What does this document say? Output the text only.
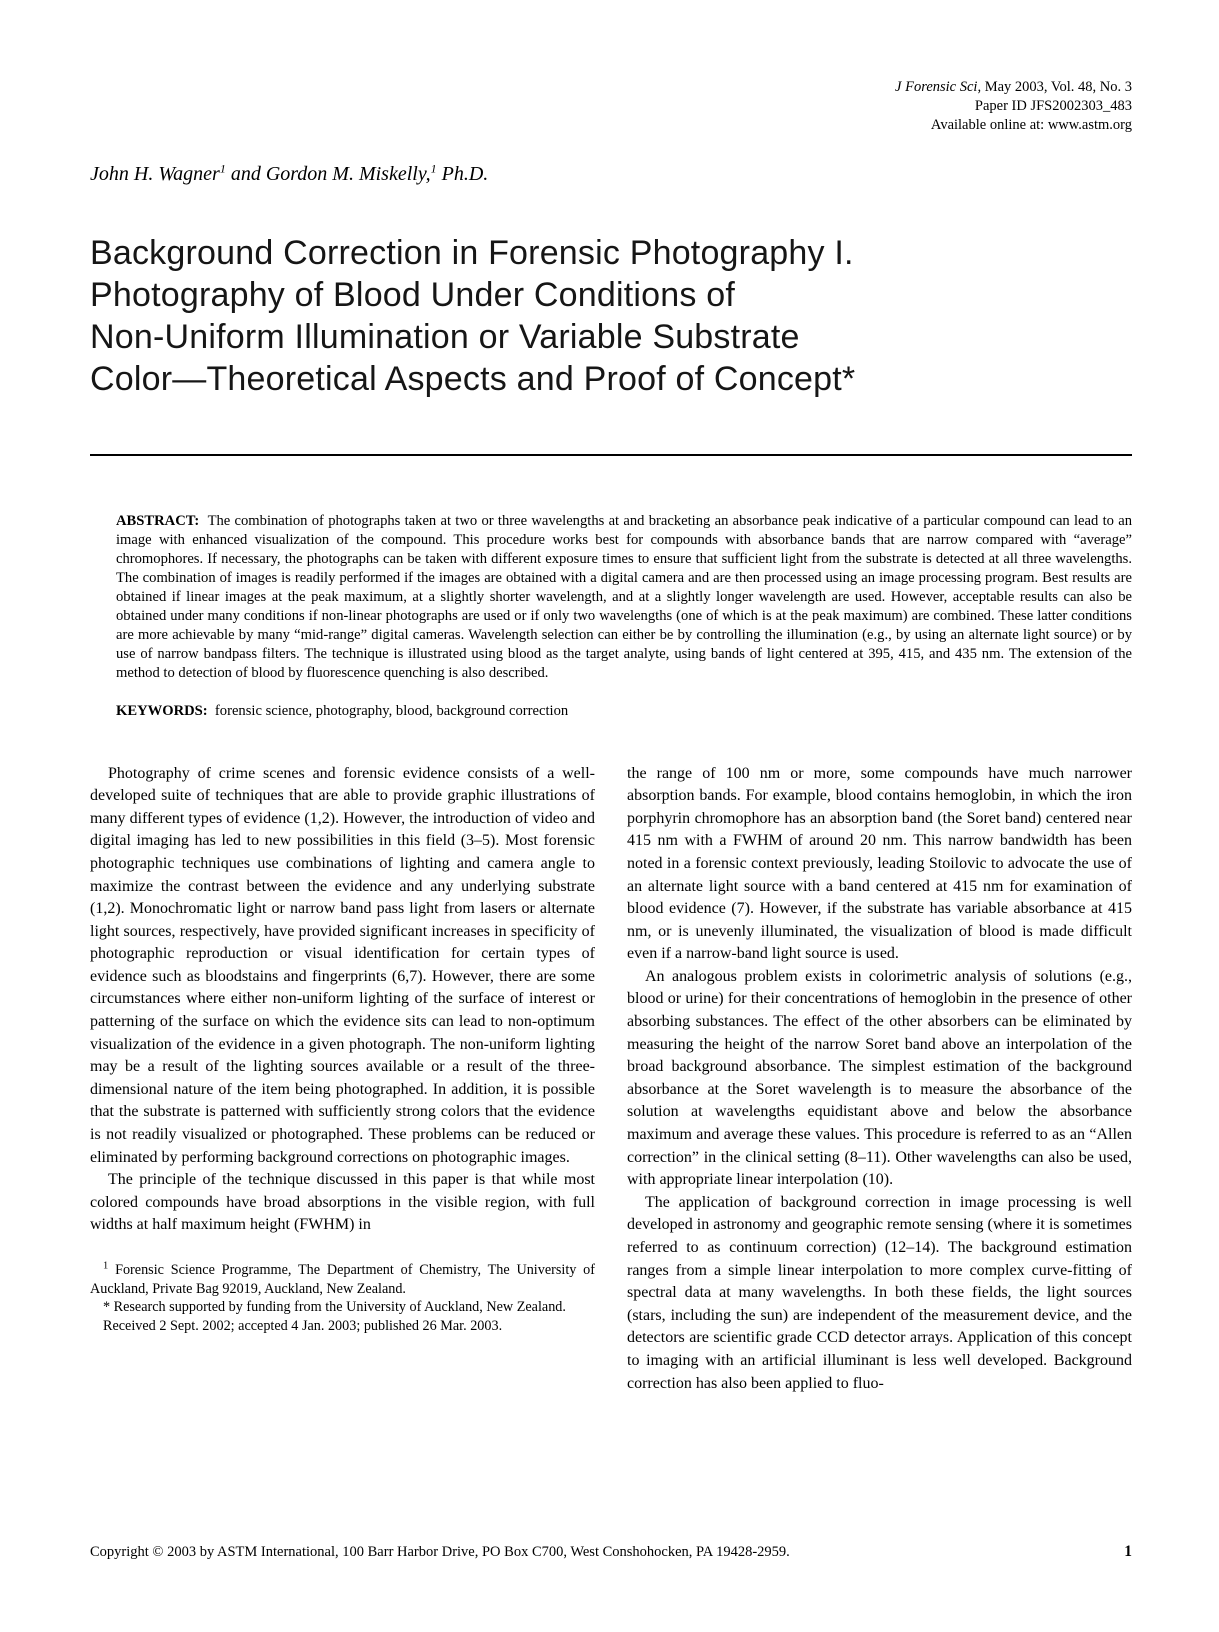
J Forensic Sci, May 2003, Vol. 48, No. 3
Paper ID JFS2002303_483
Available online at: www.astm.org
John H. Wagner$^1$ and Gordon M. Miskelly,$^1$ Ph.D.
Background Correction in Forensic Photography I.
Photography of Blood Under Conditions of
Non-Uniform Illumination or Variable Substrate
Color—Theoretical Aspects and Proof of Concept*

ABSTRACT: The combination of photographs taken at two or three wavelengths at and bracketing an absorbance peak indicative of a particular compound can lead to an image with enhanced visualization of the compound. This procedure works best for compounds with absorbance bands that are narrow compared with “average” chromophores. If necessary, the photographs can be taken with different exposure times to ensure that sufficient light from the substrate is detected at all three wavelengths. The combination of images is readily performed if the images are obtained with a digital camera and are then processed using an image processing program. Best results are obtained if linear images at the peak maximum, at a slightly shorter wavelength, and at a slightly longer wavelength are used. However, acceptable results can also be obtained under many conditions if non-linear photographs are used or if only two wavelengths (one of which is at the peak maximum) are combined. These latter conditions are more achievable by many “mid-range” digital cameras. Wavelength selection can either be by controlling the illumination (e.g., by using an alternate light source) or by use of narrow bandpass filters. The technique is illustrated using blood as the target analyte, using bands of light centered at 395, 415, and 435 nm. The extension of the method to detection of blood by fluorescence quenching is also described.

KEYWORDS: forensic science, photography, blood, background correction

Photography of crime scenes and forensic evidence consists of a well-developed suite of techniques that are able to provide graphic illustrations of many different types of evidence (1,2). However, the introduction of video and digital imaging has led to new possibilities in this field (3–5). Most forensic photographic techniques use combinations of lighting and camera angle to maximize the contrast between the evidence and any underlying substrate (1,2). Monochromatic light or narrow band pass light from lasers or alternate light sources, respectively, have provided significant increases in specificity of photographic reproduction or visual identification for certain types of evidence such as bloodstains and fingerprints (6,7). However, there are some circumstances where either non-uniform lighting of the surface of interest or patterning of the surface on which the evidence sits can lead to non-optimum visualization of the evidence in a given photograph. The non-uniform lighting may be a result of the lighting sources available or a result of the three-dimensional nature of the item being photographed. In addition, it is possible that the substrate is patterned with sufficiently strong colors that the evidence is not readily visualized or photographed. These problems can be reduced or eliminated by performing background corrections on photographic images.

The principle of the technique discussed in this paper is that while most colored compounds have broad absorptions in the visible region, with full widths at half maximum height (FWHM) in

$^1$ Forensic Science Programme, The Department of Chemistry, The University of Auckland, Private Bag 92019, Auckland, New Zealand.

* Research supported by funding from the University of Auckland, New Zealand.

Received 2 Sept. 2002; accepted 4 Jan. 2003; published 26 Mar. 2003.

the range of 100 nm or more, some compounds have much narrower absorption bands. For example, blood contains hemoglobin, in which the iron porphyrin chromophore has an absorption band (the Soret band) centered near 415 nm with a FWHM of around 20 nm. This narrow bandwidth has been noted in a forensic context previously, leading Stoilovic to advocate the use of an alternate light source with a band centered at 415 nm for examination of blood evidence (7). However, if the substrate has variable absorbance at 415 nm, or is unevenly illuminated, the visualization of blood is made difficult even if a narrow-band light source is used.

An analogous problem exists in colorimetric analysis of solutions (e.g., blood or urine) for their concentrations of hemoglobin in the presence of other absorbing substances. The effect of the other absorbers can be eliminated by measuring the height of the narrow Soret band above an interpolation of the broad background absorbance. The simplest estimation of the background absorbance at the Soret wavelength is to measure the absorbance of the solution at wavelengths equidistant above and below the absorbance maximum and average these values. This procedure is referred to as an “Allen correction” in the clinical setting (8–11). Other wavelengths can also be used, with appropriate linear interpolation (10).

The application of background correction in image processing is well developed in astronomy and geographic remote sensing (where it is sometimes referred to as continuum correction) (12–14). The background estimation ranges from a simple linear interpolation to more complex curve-fitting of spectral data at many wavelengths. In both these fields, the light sources (stars, including the sun) are independent of the measurement device, and the detectors are scientific grade CCD detector arrays. Application of this concept to imaging with an artificial illuminant is less well developed. Background correction has also been applied to fluo-

Copyright © 2003 by ASTM International, 100 Barr Harbor Drive, PO Box C700, West Conshohocken, PA 19428-2959.	1
